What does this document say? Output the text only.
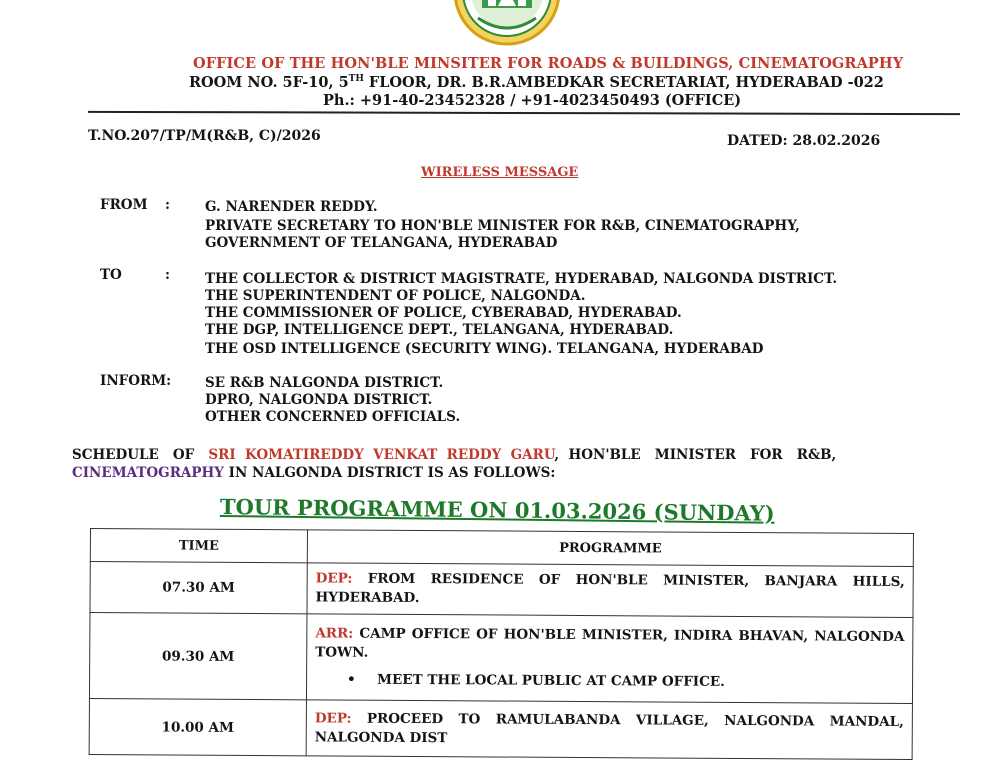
OFFICE OF THE HON'BLE MINSITER FOR ROADS & BUILDINGS, CINEMATOGRAPHY
ROOM NO. 5F-10, 5TH FLOOR, DR. B.R.AMBEDKAR SECRETARIAT, HYDERABAD -022
Ph.: +91-40-23452328 / +91-4023450493 (OFFICE)
T.NO.207/TP/M(R&B, C)/2026	DATED: 28.02.2026
WIRELESS MESSAGE
FROM :	G. NARENDER REDDY.
PRIVATE SECRETARY TO HON'BLE MINISTER FOR R&B, CINEMATOGRAPHY,
GOVERNMENT OF TELANGANA, HYDERABAD
TO	:	THE COLLECTOR & DISTRICT MAGISTRATE, HYDERABAD, NALGONDA DISTRICT.
THE SUPERINTENDENT OF POLICE, NALGONDA.
THE COMMISSIONER OF POLICE, CYBERABAD, HYDERABAD.
THE DGP, INTELLIGENCE DEPT., TELANGANA, HYDERABAD.
THE OSD INTELLIGENCE (SECURITY WING). TELANGANA, HYDERABAD
INFORM:	SE R&B NALGONDA DISTRICT.
DPRO, NALGONDA DISTRICT.
OTHER CONCERNED OFFICIALS.
SCHEDULE   OF SRI  KOMATIREDDY  VENKAT  REDDY  GARU,  HON'BLE   MINISTER   FOR   R&B,
CINEMATOGRAPHY IN NALGONDA DISTRICT IS AS FOLLOWS:
TOUR PROGRAMME ON 01.03.2026 (SUNDAY)
TIME	PROGRAMME
07.30 AM	DEP: FROM RESIDENCE OF HON'BLE MINISTER, BANJARA HILLS, HYDERABAD.
09.30 AM	ARR: CAMP OFFICE OF HON'BLE MINISTER, INDIRA BHAVAN, NALGONDA TOWN.
• MEET THE LOCAL PUBLIC AT CAMP OFFICE.

10.00 AM	DEP: PROCEED TO RAMULABANDA VILLAGE, NALGONDA MANDAL, NALGONDA DIST
